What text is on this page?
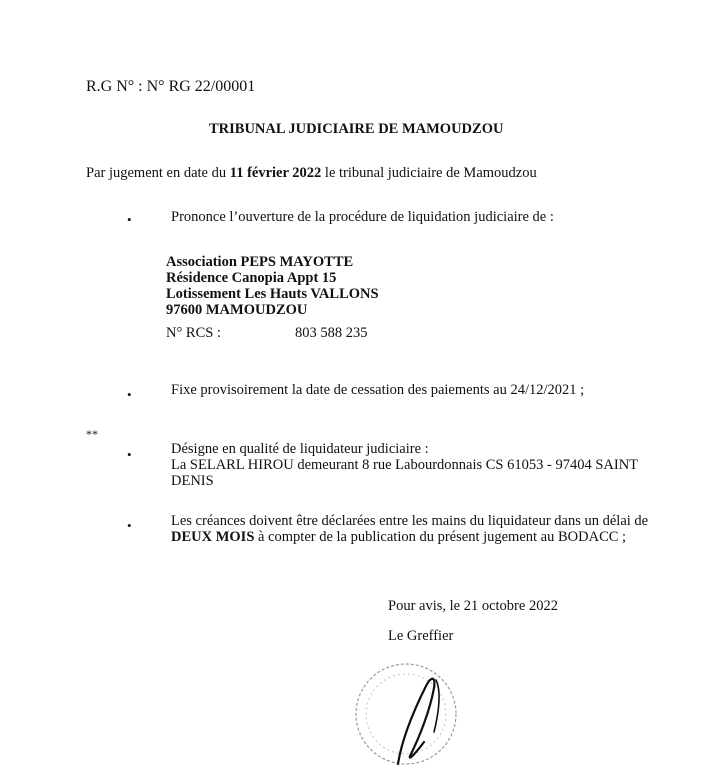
R.G N° : N° RG 22/00001
TRIBUNAL JUDICIAIRE DE MAMOUDZOU
Par jugement en date du 11 février 2022 le tribunal judiciaire de Mamoudzou
•	Prononce l’ouverture de la procédure de liquidation judiciaire de :
Association PEPS MAYOTTE
Résidence Canopia Appt 15
Lotissement Les Hauts VALLONS
97600 MAMOUDZOU
N° RCS :	803 588 235
•	Fixe provisoirement la date de cessation des paiements au 24/12/2021 ;
**
•	Désigne en qualité de liquidateur judiciaire :
La SELARL HIROU demeurant 8 rue Labourdonnais CS 61053 - 97404 SAINT
DENIS
•	Les créances doivent être déclarées entre les mains du liquidateur dans un délai de
DEUX MOIS à compter de la publication du présent jugement au BODACC ;
Pour avis, le 21 octobre 2022
Le Greffier
